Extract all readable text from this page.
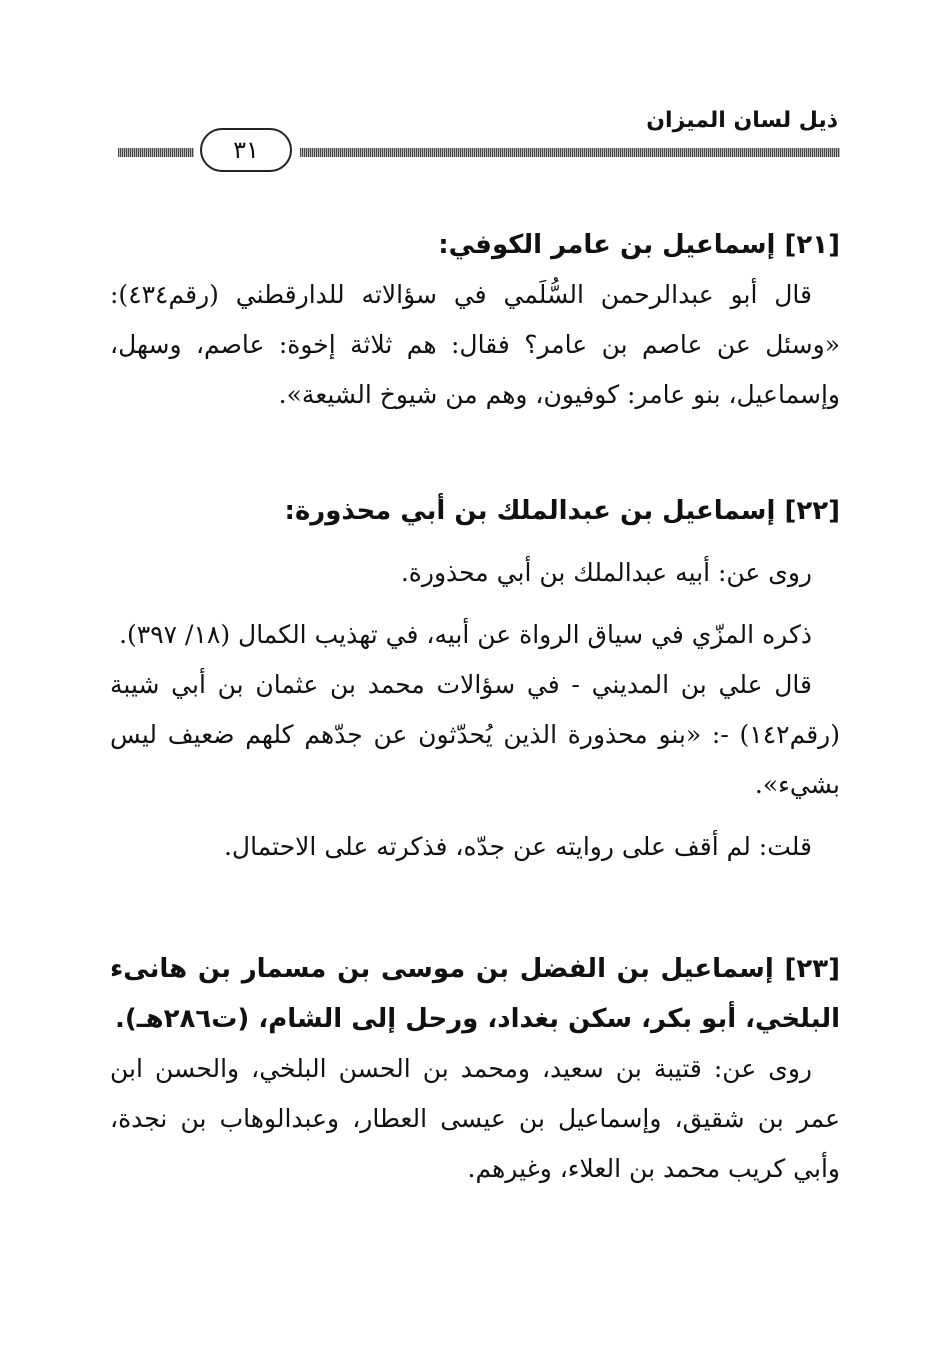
ذيل لسان الميزان
٣١

[٢١] إسماعيل بن عامر الكوفي:

قال أبو عبدالرحمن السُّلَمي في سؤالاته للدارقطني (رقم٤٣٤): «وسئل عن عاصم بن عامر؟ فقال: هم ثلاثة إخوة: عاصم، وسهل، وإسماعيل، بنو عامر: كوفيون، وهم من شيوخ الشيعة».

[٢٢] إسماعيل بن عبدالملك بن أبي محذورة:

روى عن: أبيه عبدالملك بن أبي محذورة.

ذكره المزّي في سياق الرواة عن أبيه، في تهذيب الكمال (١٨/ ٣٩٧).

قال علي بن المديني - في سؤالات محمد بن عثمان بن أبي شيبة (رقم١٤٢) -: «بنو محذورة الذين يُحدّثون عن جدّهم كلهم ضعيف ليس بشيء».

قلت: لم أقف على روايته عن جدّه، فذكرته على الاحتمال.

[٢٣] إسماعيل بن الفضل بن موسى بن مسمار بن هانىء البلخي، أبو بكر، سكن بغداد، ورحل إلى الشام، (ت٢٨٦هـ).

روى عن: قتيبة بن سعيد، ومحمد بن الحسن البلخي، والحسن ابن عمر بن شقيق، وإسماعيل بن عيسى العطار، وعبدالوهاب بن نجدة، وأبي كريب محمد بن العلاء، وغيرهم.
